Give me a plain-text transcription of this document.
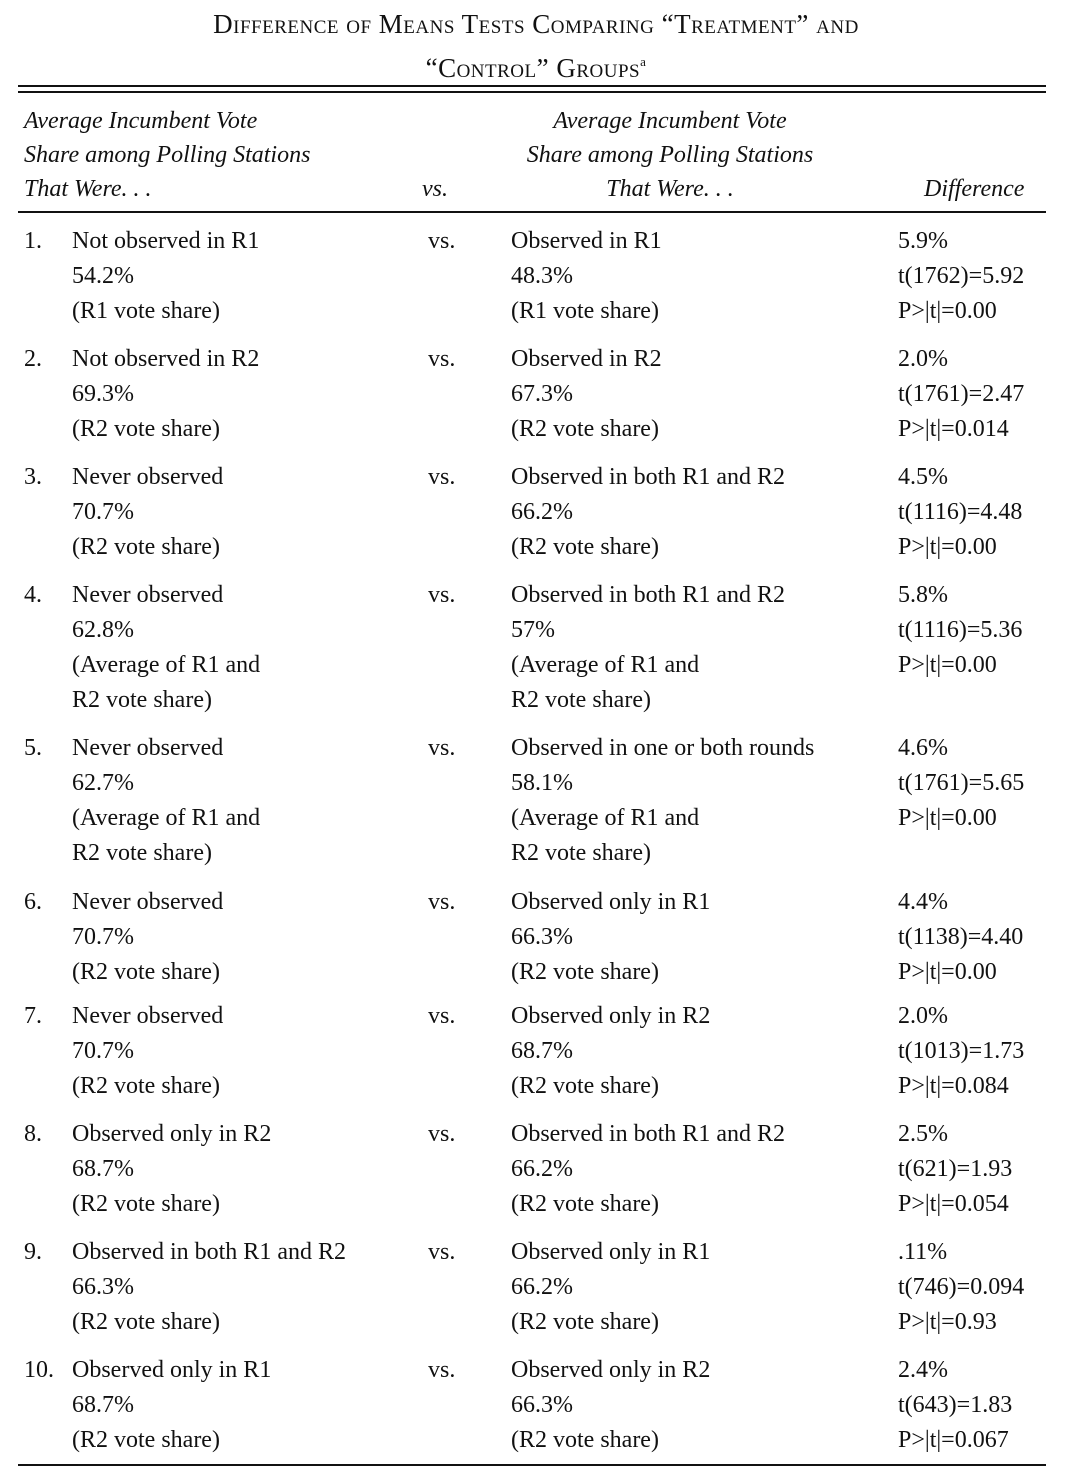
Difference of Means Tests Comparing “Treatment” and
“Control” Groups$^a$
Average Incumbent Vote
Share among Polling Stations
That Were. . .	vs.
Average Incumbent Vote
Share among Polling Stations
That Were. . .	Difference
1. Not observed in R1
54.2%
(R1 vote share)
vs. Observed in R1
48.3%
(R1 vote share)
5.9%
t(1762)=5.92
P>|t|=0.00
2. Not observed in R2
69.3%
(R2 vote share)
vs. Observed in R2
67.3%
(R2 vote share)
2.0%
t(1761)=2.47
P>|t|=0.014
3. Never observed
70.7%
(R2 vote share)
vs. Observed in both R1 and R2
66.2%
(R2 vote share)
4.5%
t(1116)=4.48
P>|t|=0.00
4. Never observed
62.8%
(Average of R1 and
R2 vote share)
vs. Observed in both R1 and R2
57%
(Average of R1 and
R2 vote share)
5.8%
t(1116)=5.36
P>|t|=0.00
5. Never observed
62.7%
(Average of R1 and
R2 vote share)
vs. Observed in one or both rounds
58.1%
(Average of R1 and
R2 vote share)
4.6%
t(1761)=5.65
P>|t|=0.00
6. Never observed
70.7%
(R2 vote share)
vs. Observed only in R1
66.3%
(R2 vote share)
4.4%
t(1138)=4.40
P>|t|=0.00
7. Never observed
70.7%
(R2 vote share)
vs. Observed only in R2
68.7%
(R2 vote share)
2.0%
t(1013)=1.73
P>|t|=0.084
8. Observed only in R2
68.7%
(R2 vote share)
vs. Observed in both R1 and R2
66.2%
(R2 vote share)
2.5%
t(621)=1.93
P>|t|=0.054
9. Observed in both R1 and R2
66.3%
(R2 vote share)
vs. Observed only in R1
66.2%
(R2 vote share)
.11%
t(746)=0.094
P>|t|=0.93
10. Observed only in R1
68.7%
(R2 vote share)
vs. Observed only in R2
66.3%
(R2 vote share)
2.4%
t(643)=1.83
P>|t|=0.067
